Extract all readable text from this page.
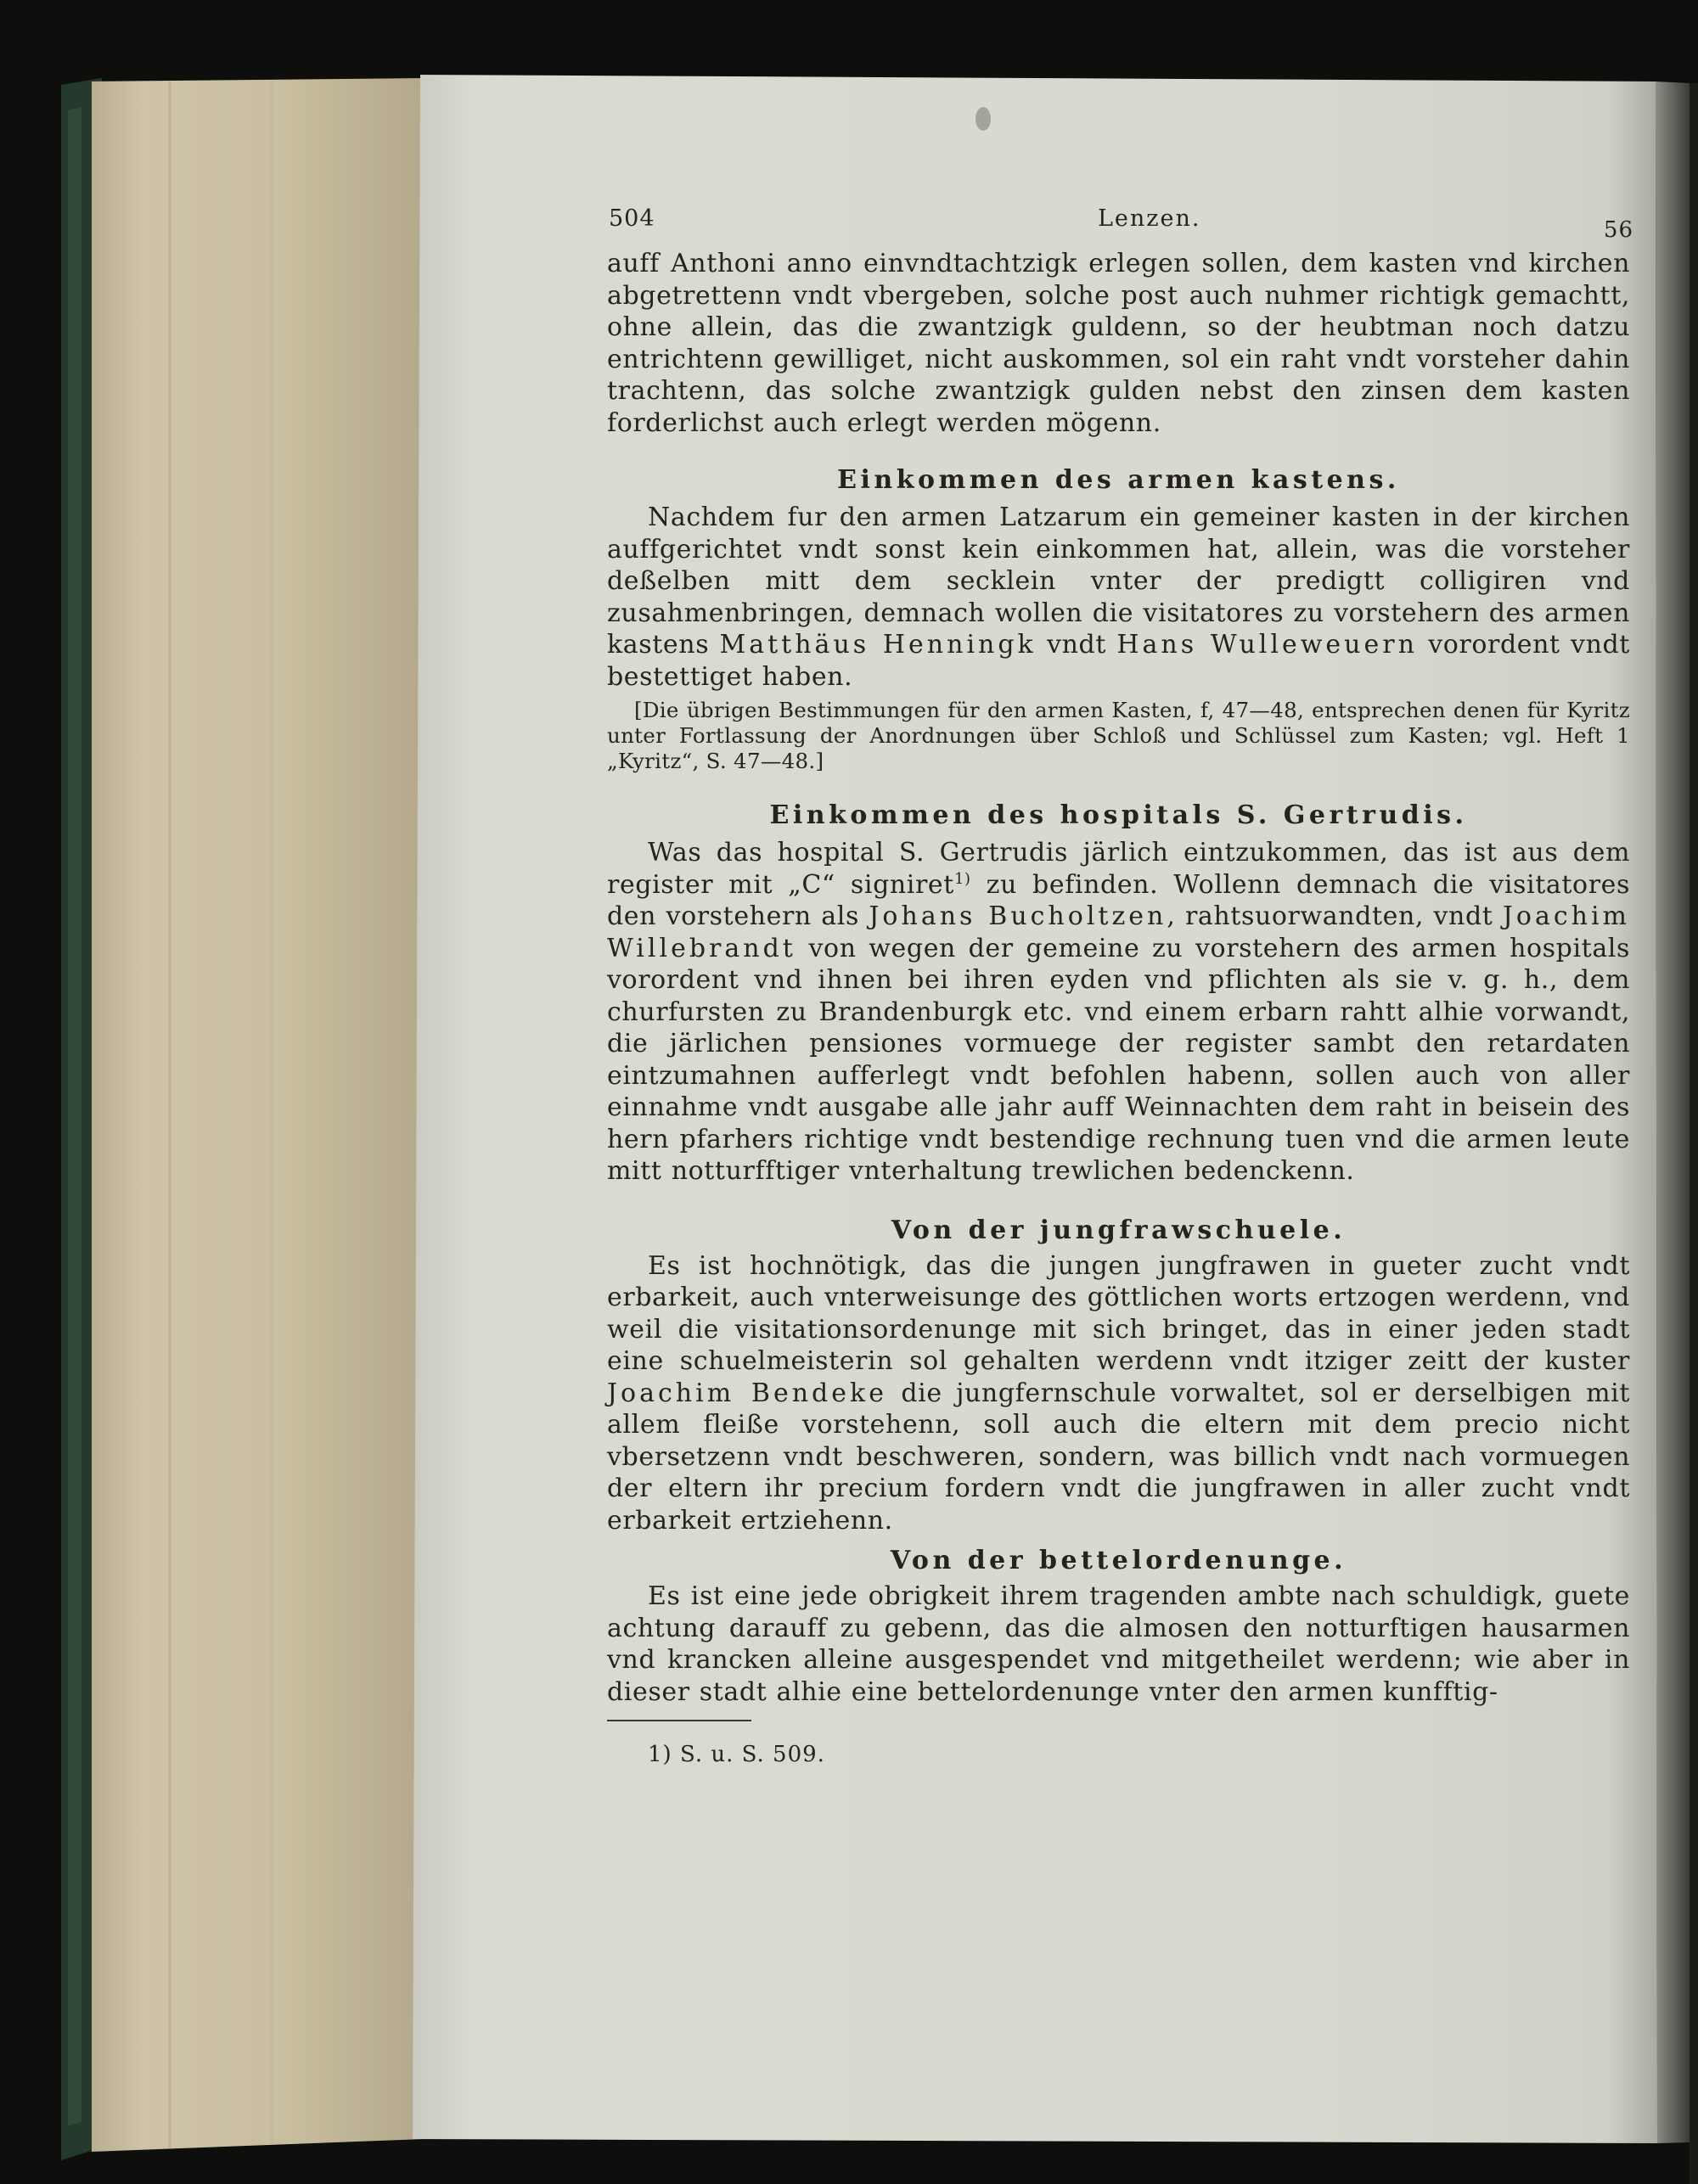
504	Lenzen.	56

auff Anthoni anno einvndtachtzigk erlegen sollen, dem kasten vnd kirchen abgetrettenn vndt vbergeben, solche post auch nuhmer richtigk gemachtt, ohne allein, das die zwantzigk guldenn, so der heubtman noch datzu entrichtenn gewilliget, nicht auskommen, sol ein raht vndt vorsteher dahin trachtenn, das solche zwantzigk gulden nebst den zinsen dem kasten forderlichst auch erlegt werden mögenn.

Einkommen des armen kastens.

Nachdem fur den armen Latzarum ein gemeiner kasten in der kirchen auffgerichtet vndt sonst kein einkommen hat, allein, was die vorsteher deßelben mitt dem secklein vnter der predigtt colligiren vnd zusahmenbringen, demnach wollen die visitatores zu vorstehern des armen kastens Matthäus Henningk vndt Hans Wulleweuern vorordent vndt bestettiget haben.

[Die übrigen Bestimmungen für den armen Kasten, f, 47—48, entsprechen denen für Kyritz unter Fortlassung der Anordnungen über Schloß und Schlüssel zum Kasten; vgl. Heft 1 „Kyritz“, S. 47—48.]

Einkommen des hospitals S. Gertrudis.

Was das hospital S. Gertrudis järlich eintzukommen, das ist aus dem register mit „C“ signiret$^{1)}$ zu befinden. Wollenn demnach die visitatores den vorstehern als Johans Bucholtzen, rahtsuorwandten, vndt Joachim Willebrandt von wegen der gemeine zu vorstehern des armen hospitals vorordent vnd ihnen bei ihren eyden vnd pflichten als sie v. g. h., dem churfursten zu Brandenburgk etc. vnd einem erbarn rahtt alhie vorwandt, die järlichen pensiones vormuege der register sambt den retardaten eintzumahnen aufferlegt vndt befohlen habenn, sollen auch von aller einnahme vndt ausgabe alle jahr auff Weinnachten dem raht in beisein des hern pfarhers richtige vndt bestendige rechnung tuen vnd die armen leute mitt notturfftiger vnterhaltung trewlichen bedenckenn.

Von der jungfrawschuele.

Es ist hochnötigk, das die jungen jungfrawen in gueter zucht vndt erbarkeit, auch vnterweisunge des göttlichen worts ertzogen werdenn, vnd weil die visitationsordenunge mit sich bringet, das in einer jeden stadt eine schuelmeisterin sol gehalten werdenn vndt itziger zeitt der kuster Joachim Bendeke die jungfernschule vorwaltet, sol er derselbigen mit allem fleiße vorstehenn, soll auch die eltern mit dem precio nicht vbersetzenn vndt beschweren, sondern, was billich vndt nach vormuegen der eltern ihr precium fordern vndt die jungfrawen in aller zucht vndt erbarkeit ertziehenn.

Von der bettelordenunge.

Es ist eine jede obrigkeit ihrem tragenden ambte nach schuldigk, guete achtung darauff zu gebenn, das die almosen den notturftigen hausarmen vnd krancken alleine ausgespendet vnd mitgetheilet werdenn; wie aber in dieser stadt alhie eine bettelordenunge vnter den armen kunfftig-

1) S. u. S. 509.
